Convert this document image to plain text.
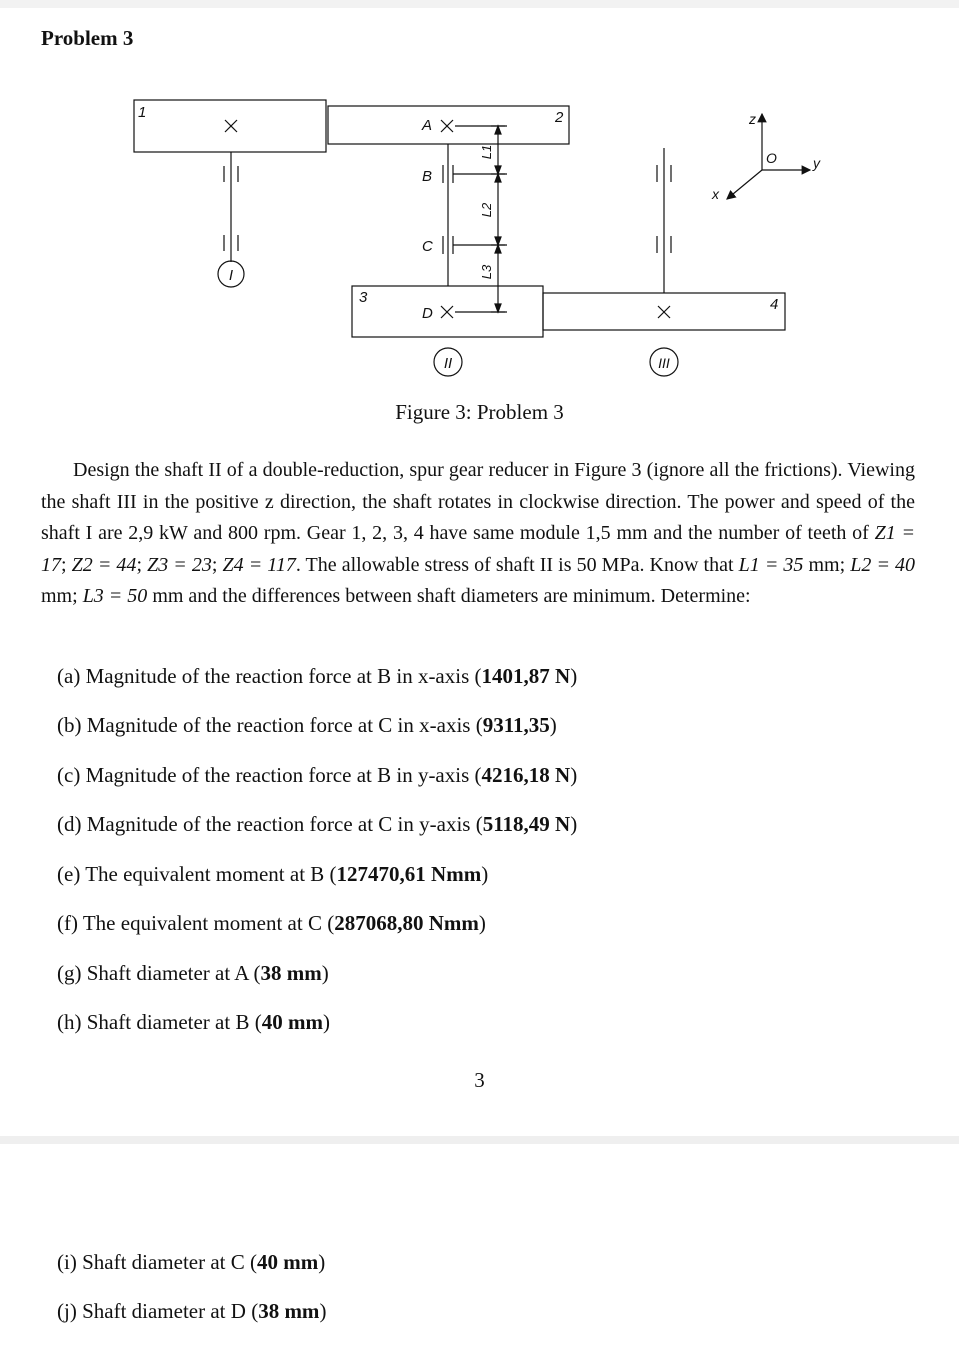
Problem 3
1	2
3	4
A
B
C
D
L1
L2
L3
I
II	III
z
O	y
x
Figure 3: Problem 3
Design the shaft II of a double-reduction, spur gear reducer in Figure 3 (ignore all the frictions). Viewing the shaft III in the positive z direction, the shaft rotates in clockwise direction. The power and speed of the shaft I are 2,9 kW and 800 rpm. Gear 1, 2, 3, 4 have same module 1,5 mm and the number of teeth of Z1 = 17; Z2 = 44; Z3 = 23; Z4 = 117. The allowable stress of shaft II is 50 MPa. Know that L1 = 35 mm; L2 = 40 mm; L3 = 50 mm and the differences between shaft diameters are minimum. Determine:
(a) Magnitude of the reaction force at B in x-axis (1401,87 N)
(b) Magnitude of the reaction force at C in x-axis (9311,35)
(c) Magnitude of the reaction force at B in y-axis (4216,18 N)
(d) Magnitude of the reaction force at C in y-axis (5118,49 N)
(e) The equivalent moment at B (127470,61 Nmm)
(f) The equivalent moment at C (287068,80 Nmm)
(g) Shaft diameter at A (38 mm)
(h) Shaft diameter at B (40 mm)
3
(i) Shaft diameter at C (40 mm)
(j) Shaft diameter at D (38 mm)
